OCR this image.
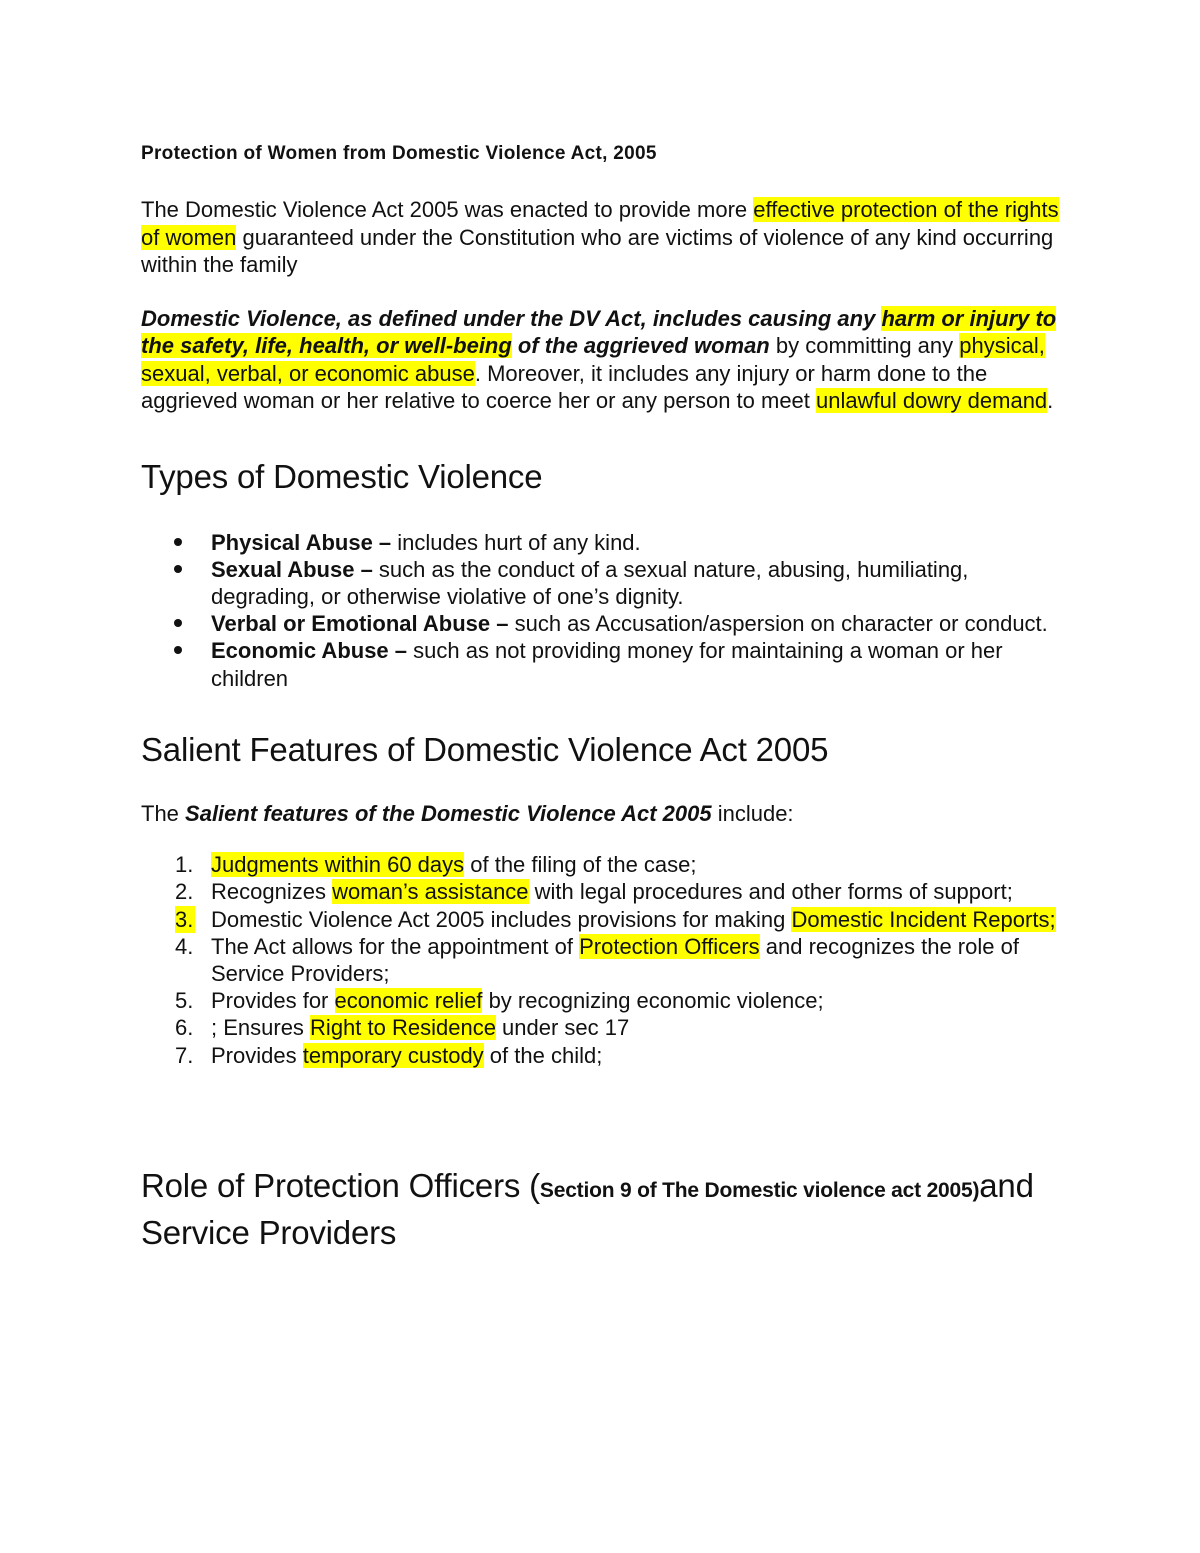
Protection of Women from Domestic Violence Act, 2005

The Domestic Violence Act 2005 was enacted to provide more effective protection of the rights of women guaranteed under the Constitution who are victims of violence of any kind occurring within the family

Domestic Violence, as defined under the DV Act, includes causing any harm or injury to the safety, life, health, or well-being of the aggrieved woman by committing any physical, sexual, verbal, or economic abuse. Moreover, it includes any injury or harm done to the aggrieved woman or her relative to coerce her or any person to meet unlawful dowry demand.

Types of Domestic Violence
Physical Abuse – includes hurt of any kind.
Sexual Abuse – such as the conduct of a sexual nature, abusing, humiliating, degrading, or otherwise violative of one’s dignity.
Verbal or Emotional Abuse – such as Accusation/aspersion on character or conduct.
Economic Abuse – such as not providing money for maintaining a woman or her children
Salient Features of Domestic Violence Act 2005

The Salient features of the Domestic Violence Act 2005 include:

1. Judgments within 60 days of the filing of the case;
2. Recognizes woman’s assistance with legal procedures and other forms of support;
3. Domestic Violence Act 2005 includes provisions for making Domestic Incident Reports;
4. The Act allows for the appointment of Protection Officers and recognizes the role of Service Providers;
5. Provides for economic relief by recognizing economic violence;
6. ; Ensures Right to Residence under sec 17
7. Provides temporary custody of the child;
Role of Protection Officers (Section 9 of The Domestic violence act 2005)and Service Providers
